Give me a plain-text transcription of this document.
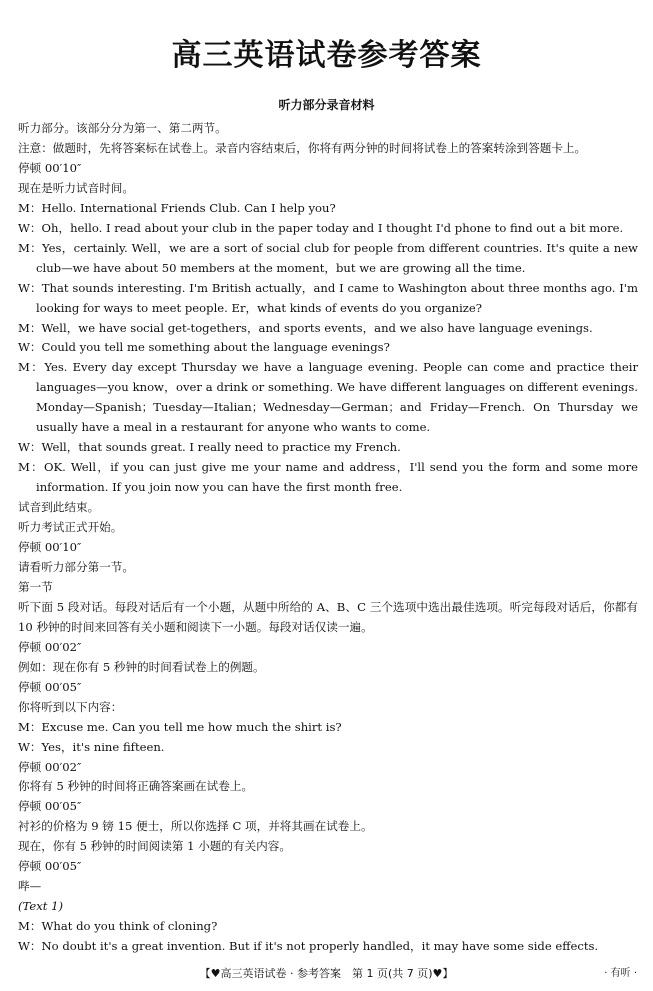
高三英语试卷参考答案
听力部分录音材料

听力部分。该部分分为第一、第二两节。

注意：做题时，先将答案标在试卷上。录音内容结束后，你将有两分钟的时间将试卷上的答案转涂到答题卡上。

停顿 00′10″

现在是听力试音时间。

M：Hello. International Friends Club. Can I help you?

W：Oh，hello. I read about your club in the paper today and I thought I'd phone to find out a bit more.

M：Yes，certainly. Well，we are a sort of social club for people from different countries. It's quite a new club—we have about 50 members at the moment，but we are growing all the time.

W：That sounds interesting. I'm British actually，and I came to Washington about three months ago. I'm looking for ways to meet people. Er，what kinds of events do you organize?

M：Well，we have social get-togethers，and sports events，and we also have language evenings.

W：Could you tell me something about the language evenings?

M：Yes. Every day except Thursday we have a language evening. People can come and practice their languages—you know，over a drink or something. We have different languages on different evenings. Monday—Spanish；Tuesday—Italian；Wednesday—German；and Friday—French. On Thursday we usually have a meal in a restaurant for anyone who wants to come.

W：Well，that sounds great. I really need to practice my French.

M：OK. Well，if you can just give me your name and address，I'll send you the form and some more information. If you join now you can have the first month free.

试音到此结束。

听力考试正式开始。

停顿 00′10″

请看听力部分第一节。

第一节

听下面 5 段对话。每段对话后有一个小题，从题中所给的 A、B、C 三个选项中选出最佳选项。听完每段对话后，你都有 10 秒钟的时间来回答有关小题和阅读下一小题。每段对话仅读一遍。

停顿 00′02″

例如：现在你有 5 秒钟的时间看试卷上的例题。

停顿 00′05″

你将听到以下内容：

M：Excuse me. Can you tell me how much the shirt is?

W：Yes，it's nine fifteen.

停顿 00′02″

你将有 5 秒钟的时间将正确答案画在试卷上。

停顿 00′05″

衬衫的价格为 9 镑 15 便士，所以你选择 C 项，并将其画在试卷上。

现在，你有 5 秒钟的时间阅读第 1 小题的有关内容。

停顿 00′05″

哔—

(Text 1)

M：What do you think of cloning?

W：No doubt it's a great invention. But if it's not properly handled，it may have some side effects.

【♥高三英语试卷 · 参考答案　第 1 页(共 7 页)♥】	· 有听 ·
